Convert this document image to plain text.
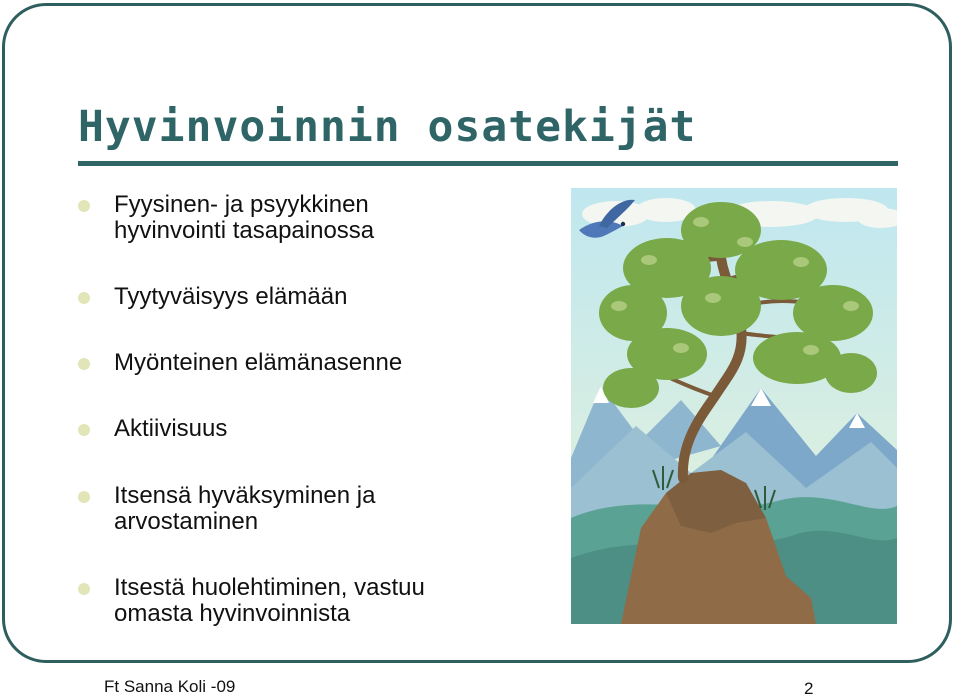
Hyvinvoinnin osatekijät
Fyysinen- ja psyykkinen hyvinvointi tasapainossa
Tyytyväisyys elämään
Myönteinen elämänasenne
Aktiivisuus
Itsensä hyväksyminen ja arvostaminen
Itsestä huolehtiminen, vastuu omasta hyvinvoinnista
Ft Sanna Koli -09	2
